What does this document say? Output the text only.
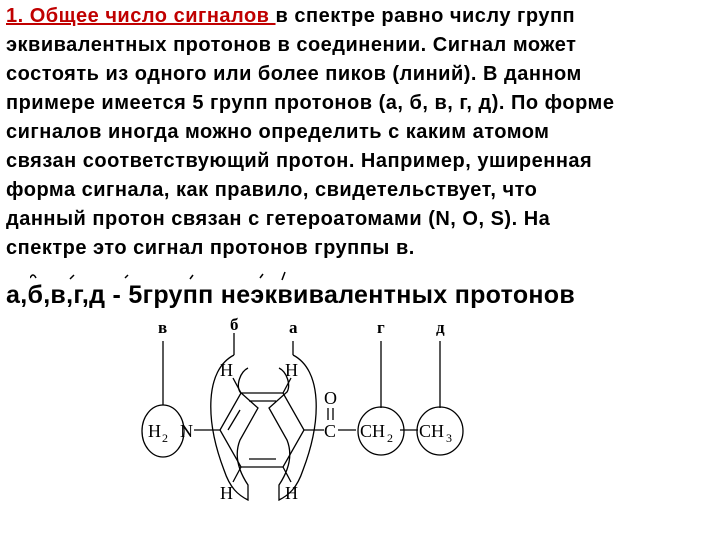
1. Общее число сигналов в спектре равно числу групп
эквивалентных протонов в соединении. Сигнал может
состоять из одного или более пиков (линий). В данном
примере имеется 5 групп протонов (а, б, в, г, д). По форме
сигналов иногда можно определить с каким атомом
связан соответствующий протон. Например, уширенная
форма сигнала, как правило, свидетельствует, что
данный протон связан с гетероатомами (N, O, S). На
спектре это сигнал протонов группы в.
а,б,в,г,д - 5групп неэквивалентных протонов
в	б	а	г	д
H	H
H	H
H 2 N
O
C CH 2 CH 3
